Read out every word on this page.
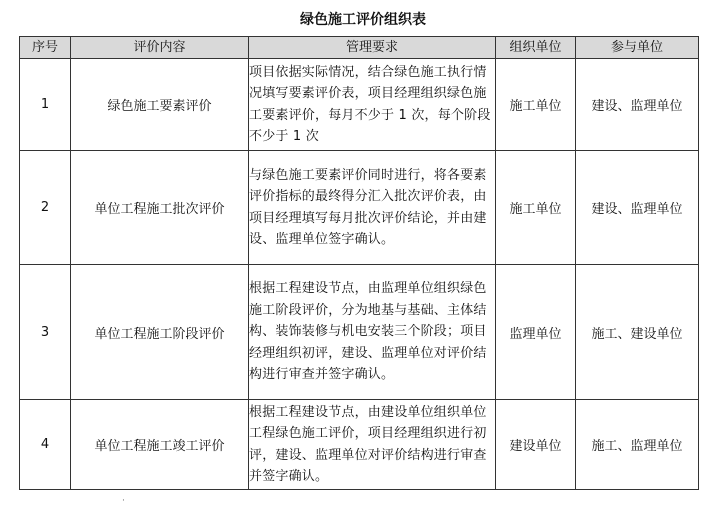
绿色施工评价组织表
序号	评价内容	管理要求	组织单位	参与单位
1	绿色施工要素评价	项目依据实际情况，结合绿色施工执行情况填写要素评价表，项目经理组织绿色施工要素评价，每月不少于 1 次，每个阶段不少于 1 次	施工单位	建设、监理单位
2	单位工程施工批次评价	与绿色施工要素评价同时进行，将各要素评价指标的最终得分汇入批次评价表，由项目经理填写每月批次评价结论，并由建设、监理单位签字确认。	施工单位	建设、监理单位
3	单位工程施工阶段评价	根据工程建设节点，由监理单位组织绿色施工阶段评价，分为地基与基础、主体结构、装饰装修与机电安装三个阶段；项目经理组织初评，建设、监理单位对评价结构进行审查并签字确认。	监理单位	施工、建设单位
4	单位工程施工竣工评价	根据工程建设节点，由建设单位组织单位工程绿色施工评价，项目经理组织进行初评，建设、监理单位对评价结构进行审查并签字确认。	建设单位	施工、监理单位
·
